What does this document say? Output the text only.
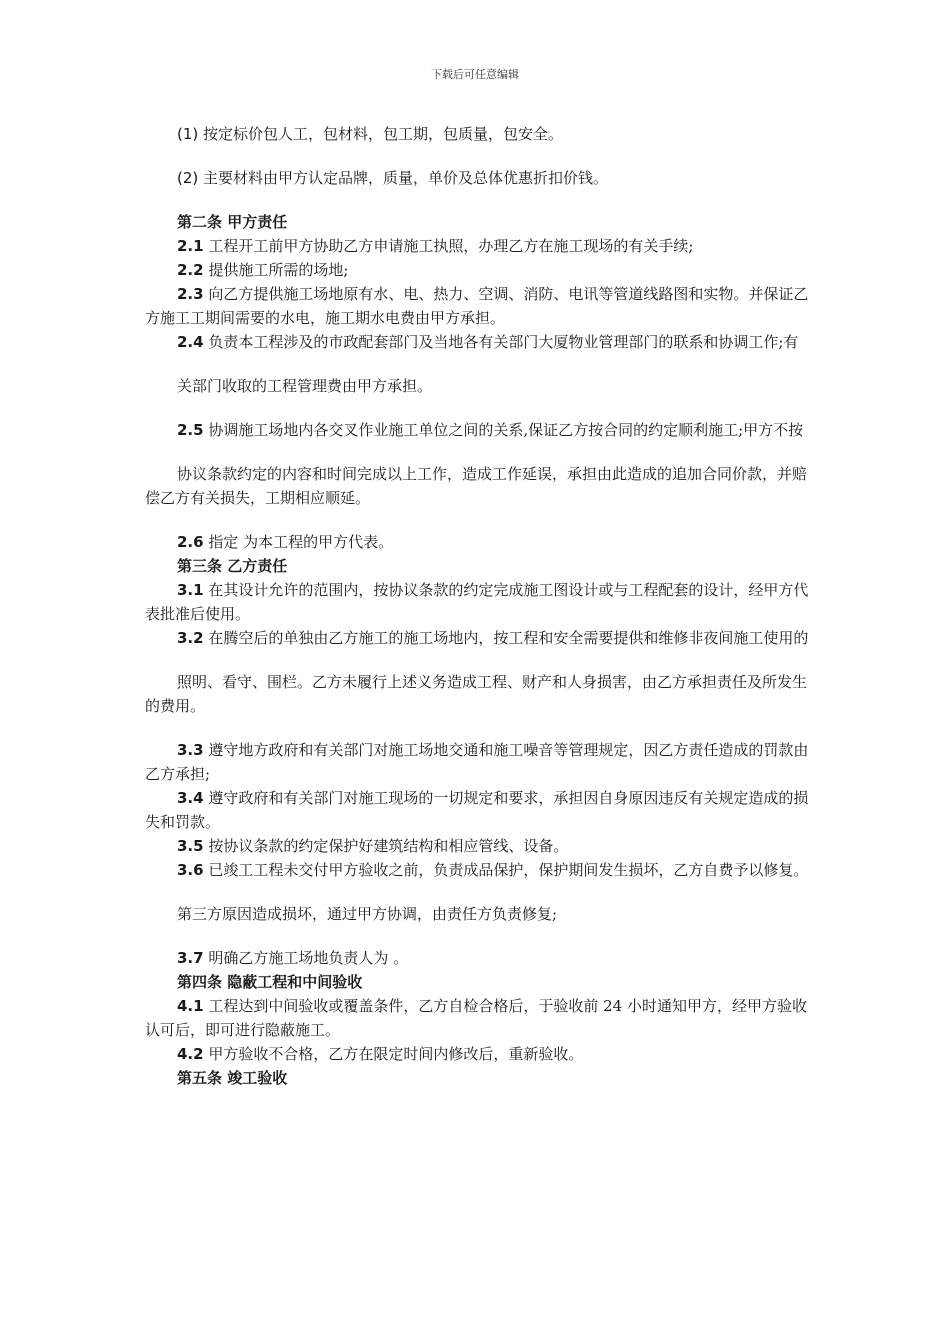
下载后可任意编辑

(1) 按定标价包人工，包材料，包工期，包质量，包安全。

(2) 主要材料由甲方认定品牌，质量，单价及总体优惠折扣价钱。

第二条 甲方责任

2.1 工程开工前甲方协助乙方申请施工执照，办理乙方在施工现场的有关手续;

2.2 提供施工所需的场地;

2.3 向乙方提供施工场地原有水、电、热力、空调、消防、电讯等管道线路图和实物。并保证乙方施工工期间需要的水电，施工期水电费由甲方承担。

2.4 负责本工程涉及的市政配套部门及当地各有关部门大厦物业管理部门的联系和协调工作;有

关部门收取的工程管理费由甲方承担。

2.5 协调施工场地内各交叉作业施工单位之间的关系,保证乙方按合同的约定顺利施工;甲方不按

协议条款约定的内容和时间完成以上工作，造成工作延误，承担由此造成的追加合同价款，并赔偿乙方有关损失，工期相应顺延。

2.6 指定 为本工程的甲方代表。

第三条 乙方责任

3.1 在其设计允许的范围内，按协议条款的约定完成施工图设计或与工程配套的设计，经甲方代表批准后使用。

3.2 在腾空后的单独由乙方施工的施工场地内，按工程和安全需要提供和维修非夜间施工使用的

照明、看守、围栏。乙方未履行上述义务造成工程、财产和人身损害，由乙方承担责任及所发生的费用。

3.3 遵守地方政府和有关部门对施工场地交通和施工噪音等管理规定，因乙方责任造成的罚款由乙方承担;

3.4 遵守政府和有关部门对施工现场的一切规定和要求，承担因自身原因违反有关规定造成的损失和罚款。

3.5 按协议条款的约定保护好建筑结构和相应管线、设备。

3.6 已竣工工程未交付甲方验收之前，负责成品保护，保护期间发生损坏，乙方自费予以修复。

第三方原因造成损坏，通过甲方协调，由责任方负责修复;

3.7 明确乙方施工场地负责人为 。

第四条 隐蔽工程和中间验收

4.1 工程达到中间验收或覆盖条件，乙方自检合格后，于验收前 24 小时通知甲方，经甲方验收认可后，即可进行隐蔽施工。

4.2 甲方验收不合格，乙方在限定时间内修改后，重新验收。

第五条 竣工验收
